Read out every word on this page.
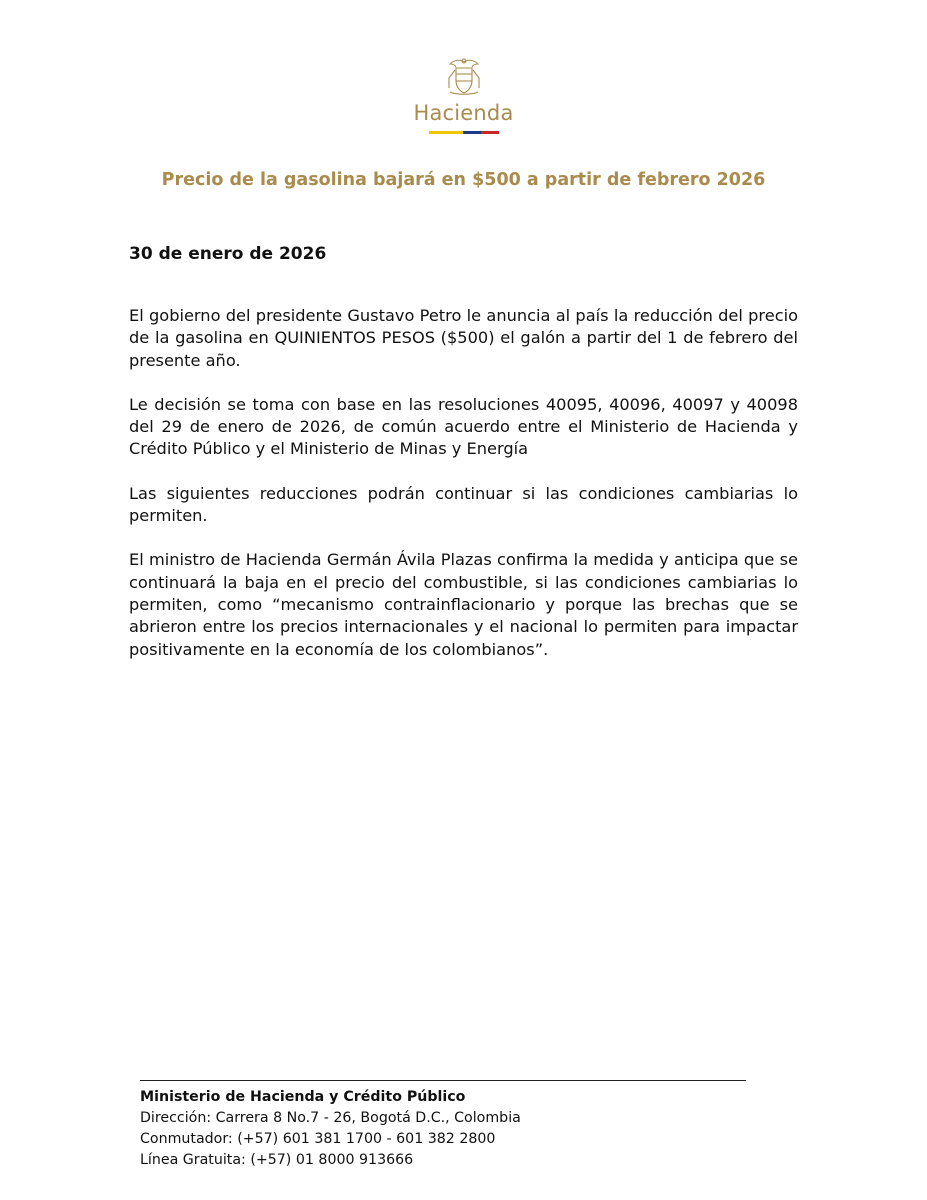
Hacienda
Precio de la gasolina bajará en $500 a partir de febrero 2026

30 de enero de 2026

El gobierno del presidente Gustavo Petro le anuncia al país la reducción del precio de la gasolina en QUINIENTOS PESOS ($500) el galón a partir del 1 de febrero del presente año.

Le decisión se toma con base en las resoluciones 40095, 40096, 40097 y 40098 del 29 de enero de 2026, de común acuerdo entre el Ministerio de Hacienda y Crédito Público y el Ministerio de Minas y Energía

Las siguientes reducciones podrán continuar si las condiciones cambiarias lo permiten.

El ministro de Hacienda Germán Ávila Plazas confirma la medida y anticipa que se continuará la baja en el precio del combustible, si las condiciones cambiarias lo permiten, como “mecanismo contrainflacionario y porque las brechas que se abrieron entre los precios internacionales y el nacional lo permiten para impactar positivamente en la economía de los colombianos”.

Ministerio de Hacienda y Crédito Público

Dirección: Carrera 8 No.7 - 26, Bogotá D.C., Colombia

Conmutador: (+57) 601 381 1700 - 601 382 2800

Línea Gratuita: (+57) 01 8000 913666
